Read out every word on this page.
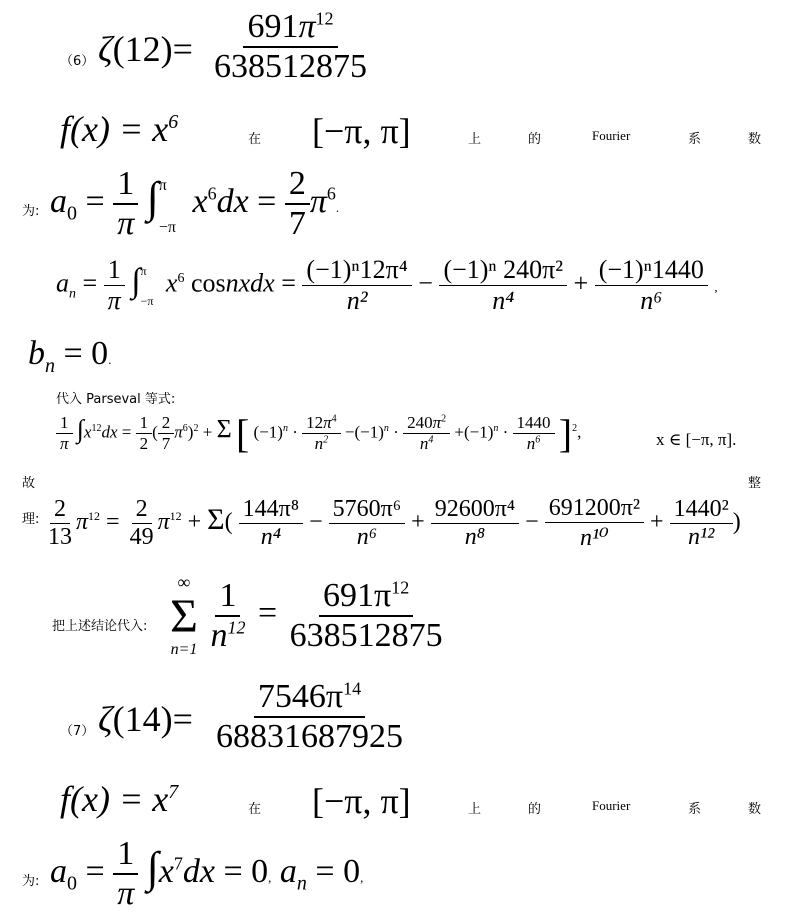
（6） $\zeta(12)= \frac{691\pi^{12}}{638512875}$
$f(x) = x^6$
在 [−π, π]	上	的	Fourier	系	数
为: $a_0 = \frac{1}{\pi} \int^\pi_{-\pi}$ $x^6dx = \frac{2}{7} \pi^6$.
$a_n = \frac{1}{\pi} \int^\pi_{-\pi}$ $x^6$ cosnxdx = $\frac{\text{(−1)ⁿ12π⁴}}{\text{n²}} - \frac{\text{(−1)ⁿ 240π²}}{\text{n⁴}} + \frac{\text{(−1)ⁿ1440}}{\text{n⁶}}$ ,
$b_n = 0$.
代入 Parseval 等式:
$\frac{1}{\pi} \int x^{12}dx = \frac{1}{2}$ ( $\frac{2}{7} \pi^6)^2 + \Sigma$ [ $(-1)^n \cdot \frac{12\pi^4}{n^2} -(-1)^n \cdot \frac{240\pi^2}{n^4} +(-1)^n \cdot \frac{1440}{n^6} ]^2$,	x ∈ [−π, π].
故	整
理: $\frac{2}{13} \pi^{12} = \frac{2}{49} \pi^{12} + \Sigma( \frac{\text{144π⁸}}{\text{n⁴}} - \frac{\text{5760π⁶}}{\text{n⁶}} + \frac{\text{92600π⁴}}{\text{n⁸}} - \frac{\text{691200π²}}{\text{n¹⁰}} + \frac{\text{1440²}}{\text{n¹²}}$ )
把上述结论代入:
∞
Σ
n=1
$\frac{1}{n^{12}} = \frac{691\pi^{12}}{638512875}$
（7） $\zeta(14)= \frac{7546\pi^{14}}{68831687925}$
$f(x) = x^7$
在 [−π, π]	上	的	Fourier	系	数
为: $a_0 = \frac{1}{\pi} \int x^7dx = 0$, $a_n = 0$,
